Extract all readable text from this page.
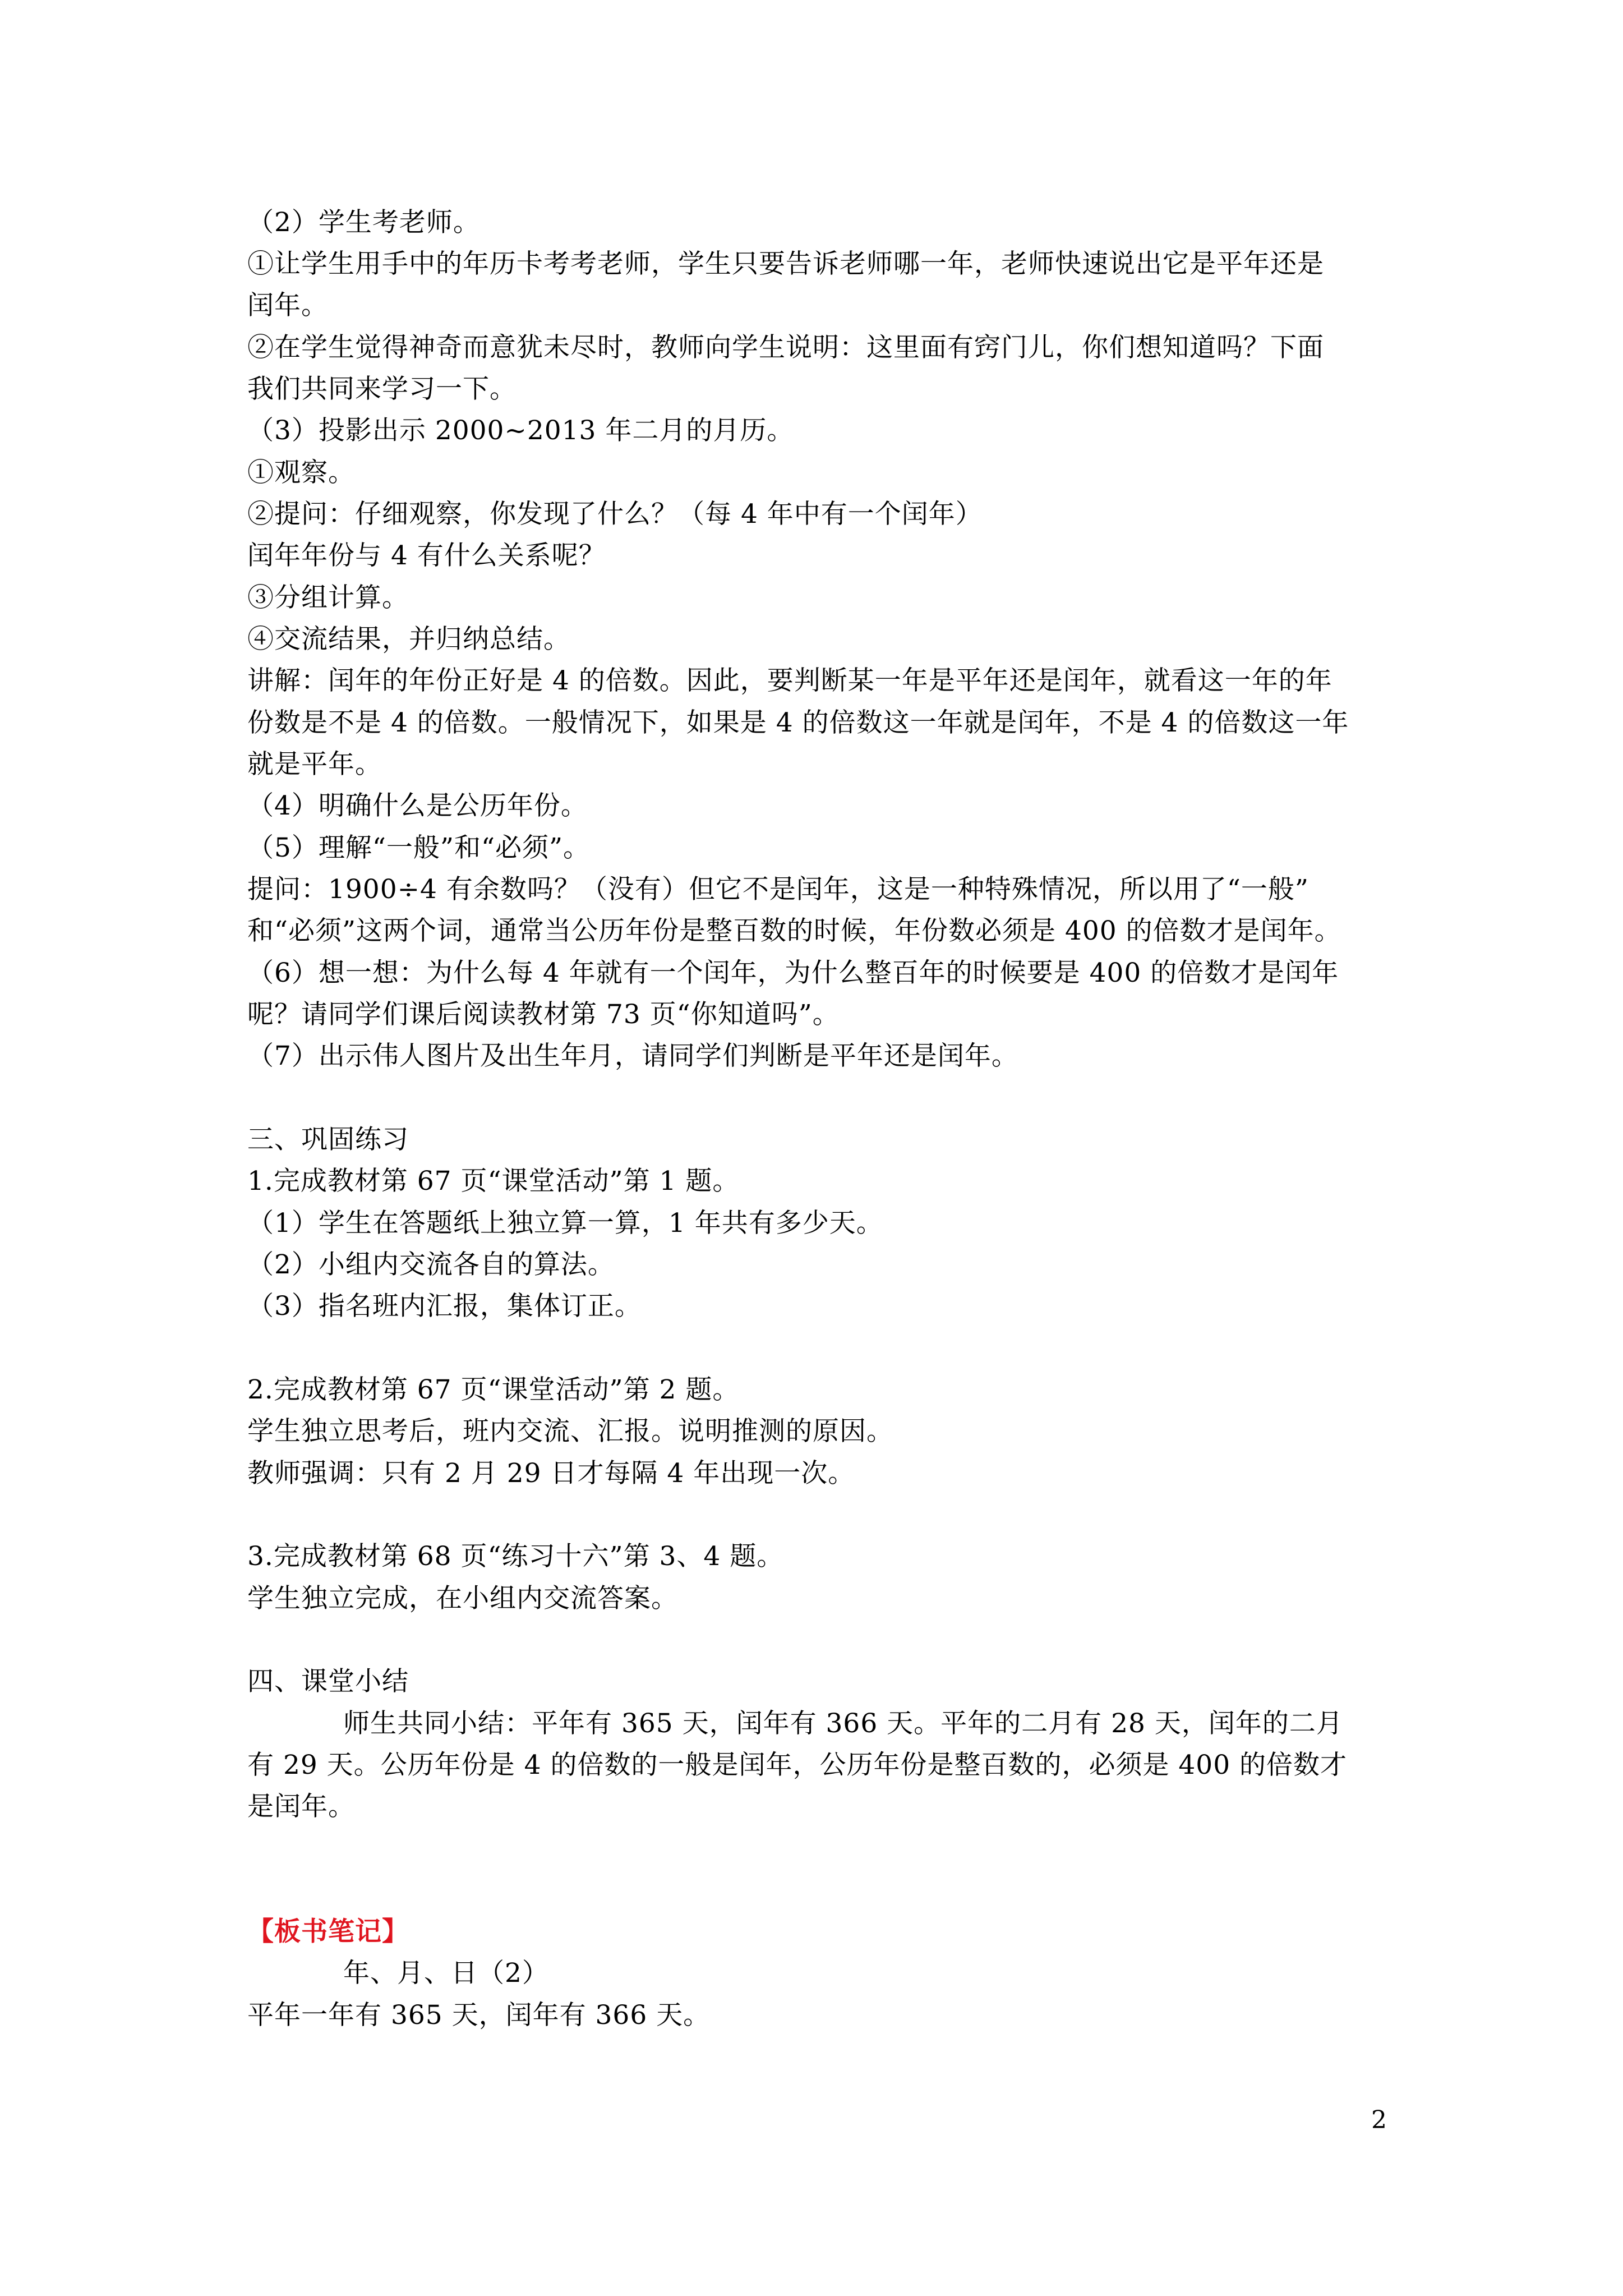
（2）学生考老师。
①让学生用手中的年历卡考考老师，学生只要告诉老师哪一年，老师快速说出它是平年还是
闰年。
②在学生觉得神奇而意犹未尽时，教师向学生说明：这里面有窍门儿，你们想知道吗？下面
我们共同来学习一下。
（3）投影出示 2000~2013 年二月的月历。
①观察。
②提问：仔细观察，你发现了什么？（每 4 年中有一个闰年）
闰年年份与 4 有什么关系呢？
③分组计算。
④交流结果，并归纳总结。
讲解：闰年的年份正好是 4 的倍数。因此，要判断某一年是平年还是闰年，就看这一年的年
份数是不是 4 的倍数。一般情况下，如果是 4 的倍数这一年就是闰年，不是 4 的倍数这一年
就是平年。
（4）明确什么是公历年份。
（5）理解“一般”和“必须”。
提问：1900÷4 有余数吗？（没有）但它不是闰年，这是一种特殊情况，所以用了“一般”
和“必须”这两个词，通常当公历年份是整百数的时候，年份数必须是 400 的倍数才是闰年。
（6）想一想：为什么每 4 年就有一个闰年，为什么整百年的时候要是 400 的倍数才是闰年
呢？请同学们课后阅读教材第 73 页“你知道吗”。
（7）出示伟人图片及出生年月，请同学们判断是平年还是闰年。
三、巩固练习
1.完成教材第 67 页“课堂活动”第 1 题。
（1）学生在答题纸上独立算一算，1 年共有多少天。
（2）小组内交流各自的算法。
（3）指名班内汇报，集体订正。
2.完成教材第 67 页“课堂活动”第 2 题。
学生独立思考后，班内交流、汇报。说明推测的原因。
教师强调：只有 2 月 29 日才每隔 4 年出现一次。
3.完成教材第 68 页“练习十六”第 3、4 题。
学生独立完成，在小组内交流答案。
四、课堂小结
师生共同小结：平年有 365 天，闰年有 366 天。平年的二月有 28 天，闰年的二月
有 29 天。公历年份是 4 的倍数的一般是闰年，公历年份是整百数的，必须是 400 的倍数才
是闰年。
【板书笔记】
年、月、日（2）
平年一年有 365 天，闰年有 366 天。
2
